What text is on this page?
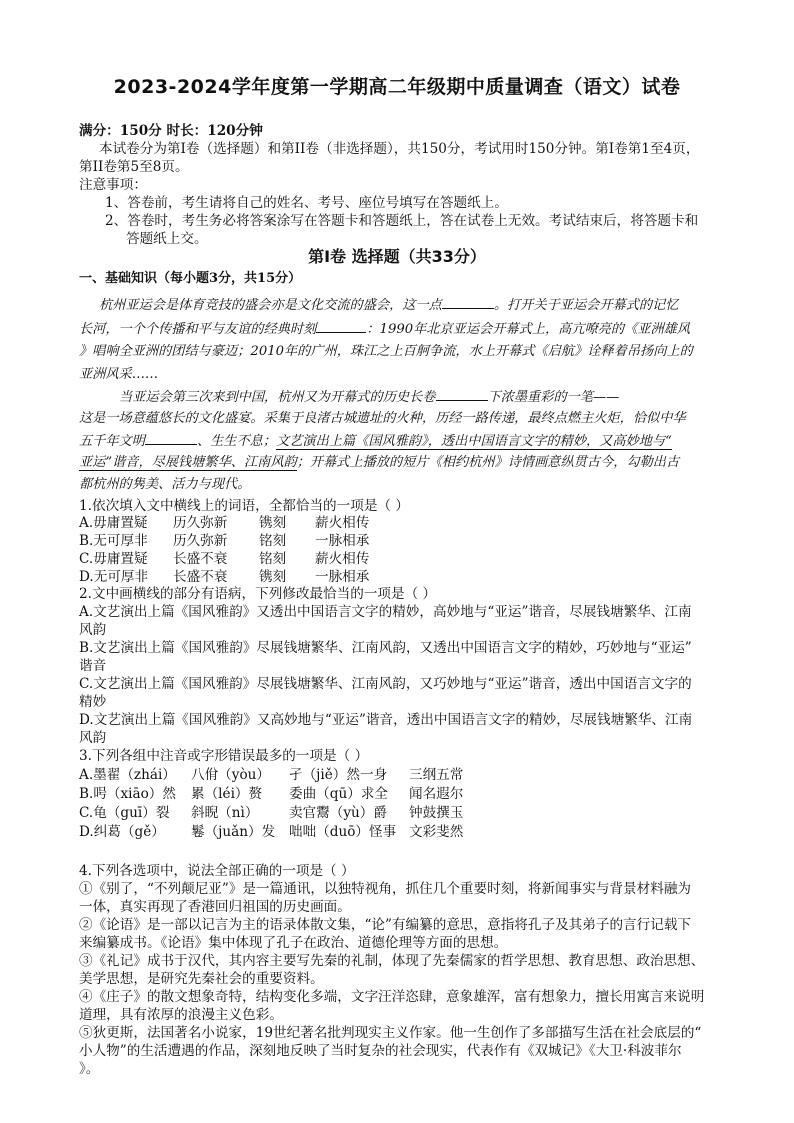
2023-2024学年度第一学期高二年级期中质量调查（语文）试卷
满分：150分 时长：120分钟
本试卷分为第I卷（选择题）和第II卷（非选择题），共150分，考试用时150分钟。第I卷第1至4页，
第II卷第5至8页。
注意事项：
1、答卷前，考生请将自己的姓名、考号、座位号填写在答题纸上。
2、答卷时，考生务必将答案涂写在答题卡和答题纸上，答在试卷上无效。考试结束后，将答题卡和
答题纸上交。
第I卷 选择题（共33分）
一、基础知识（每小题3分，共15分）
杭州亚运会是体育竞技的盛会亦是文化交流的盛会，这一点	。打开关于亚运会开幕式的记忆
长河，一个个传播和平与友谊的经典时刻	：1990年北京亚运会开幕式上，高亢嘹亮的《亚洲雄风
》唱响全亚洲的团结与豪迈；2010年的广州，珠江之上百舸争流，水上开幕式《启航》诠释着吊扬向上的
亚洲风采……
当亚运会第三次来到中国，杭州又为开幕式的历史长卷	下浓墨重彩的一笔——
这是一场意蕴悠长的文化盛宴。采集于良渚古城遗址的火种，历经一路传递，最终点燃主火炬，恰似中华
五千年文明	、生生不息；文艺演出上篇《国风雅韵》，透出中国语言文字的精妙，又高妙地与“
亚运”谐音，尽展钱塘繁华、江南风韵；开幕式上播放的短片《相约杭州》诗情画意纵贯古今，勾勒出古
都杭州的隽美、活力与现代。
1.依次填入文中横线上的词语，全都恰当的一项是（ ）
A.毋庸置疑 历久弥新 镌刻 薪火相传
B.无可厚非 历久弥新 铭刻 一脉相承
C.毋庸置疑 长盛不衰 铭刻 薪火相传
D.无可厚非 长盛不衰 镌刻 一脉相承
2.文中画横线的部分有语病，下列修改最恰当的一项是（ ）
A.文艺演出上篇《国风雅韵》又透出中国语言文字的精妙，高妙地与“亚运”谐音，尽展钱塘繁华、江南
风韵
B.文艺演出上篇《国风雅韵》尽展钱塘繁华、江南风韵，又透出中国语言文字的精妙，巧妙地与“亚运”
谐音
C.文艺演出上篇《国风雅韵》尽展钱塘繁华、江南风韵，又巧妙地与“亚运”谐音，透出中国语言文字的
精妙
D.文艺演出上篇《国风雅韵》又高妙地与“亚运”谐音，透出中国语言文字的精妙，尽展钱塘繁华、江南
风韵
3.下列各组中注音或字形错误最多的一项是（ ）
A.墨翟（zhái） 八佾（yòu） 孑（jiě）然一身 三纲五常
B.呺（xiāo）然 累（léi）赘 委曲（qū）求全 闻名遐尔
C.龟（guī）裂 斜睨（nì） 卖官鬻（yù）爵 钟鼓撰玉
D.纠葛（gě） 鬈（juǎn）发 咄咄（duō）怪事 文彩斐然
4.下列各选项中，说法全部正确的一项是（ ）
①《别了，“不列颠尼亚”》是一篇通讯，以独特视角，抓住几个重要时刻，将新闻事实与背景材料融为
一体，真实再现了香港回归祖国的历史画面。
②《论语》是一部以记言为主的语录体散文集，“论”有编纂的意思，意指将孔子及其弟子的言行记载下
来编纂成书。《论语》集中体现了孔子在政治、道德伦理等方面的思想。
③《礼记》成书于汉代，其内容主要写先秦的礼制，体现了先秦儒家的哲学思想、教育思想、政治思想、
美学思想，是研究先秦社会的重要资料。
④《庄子》的散文想象奇特，结构变化多端，文字汪洋恣肆，意象雄浑，富有想象力，擅长用寓言来说明
道理，具有浓厚的浪漫主义色彩。
⑤狄更斯，法国著名小说家，19世纪著名批判现实主义作家。他一生创作了多部描写生活在社会底层的“
小人物”的生活遭遇的作品，深刻地反映了当时复杂的社会现实，代表作有《双城记》《大卫·科波菲尔
》。
